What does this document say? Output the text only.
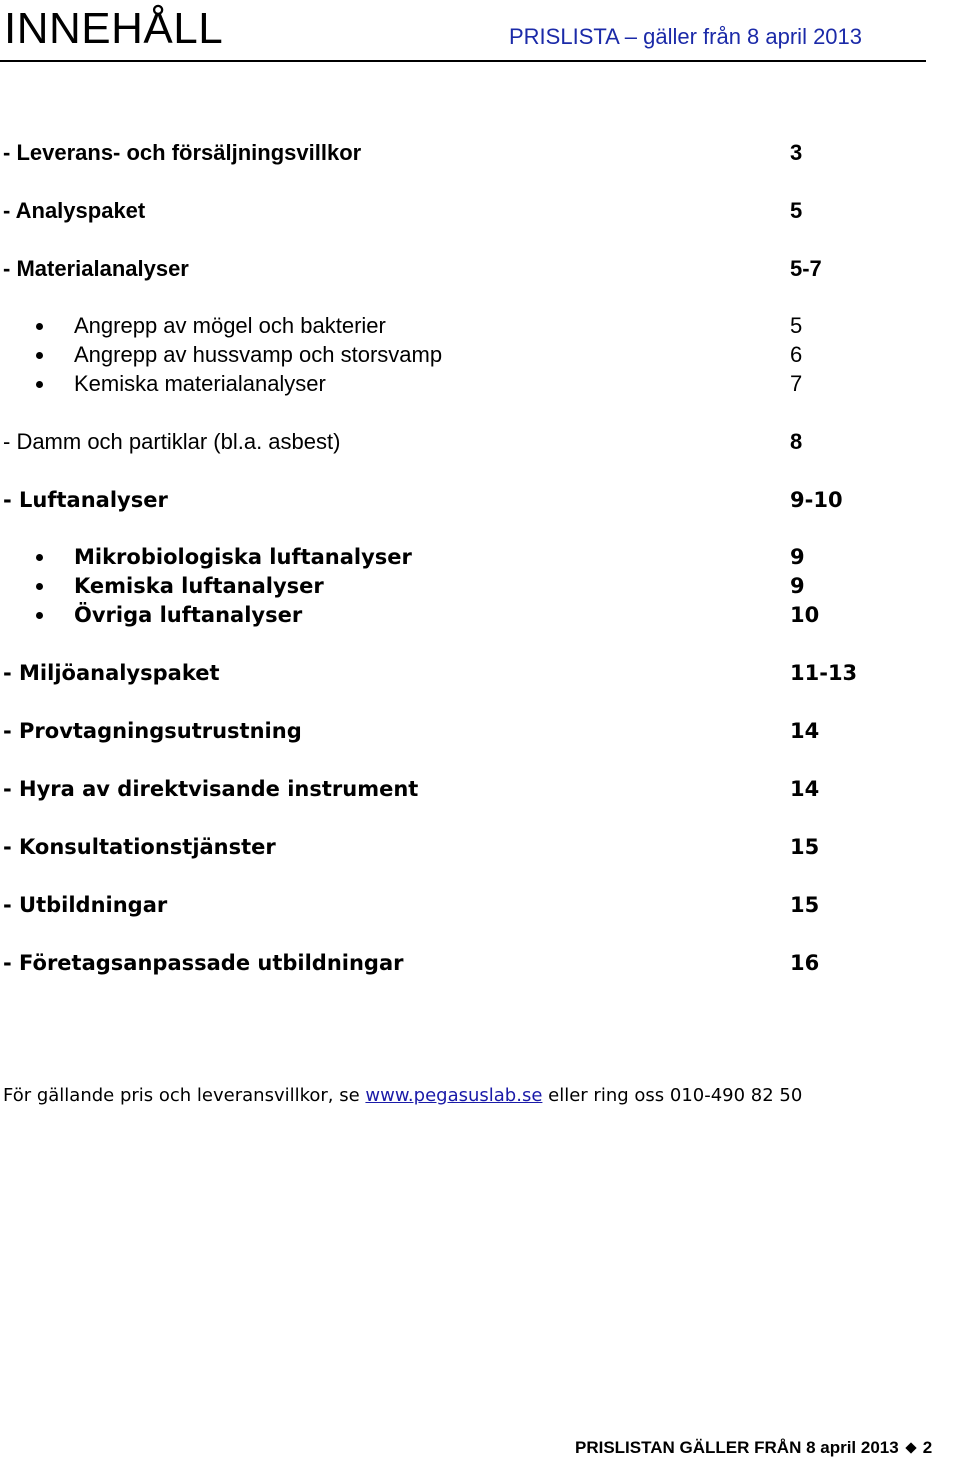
INNEHÅLL	PRISLISTA – gäller från 8 april 2013
- Leverans- och försäljningsvillkor	3
- Analyspaket	5
- Materialanalyser	5-7
Angrepp av mögel och bakterier	5
Angrepp av hussvamp och storsvamp	6
Kemiska materialanalyser	7
- Damm och partiklar (bl.a. asbest)	8
- Luftanalyser	9-10
Mikrobiologiska luftanalyser	9
Kemiska luftanalyser	9
Övriga luftanalyser	10
- Miljöanalyspaket	11-13
- Provtagningsutrustning	14
- Hyra av direktvisande instrument	14
- Konsultationstjänster	15
- Utbildningar	15
- Företagsanpassade utbildningar	16
För gällande pris och leveransvillkor, se www.pegasuslab.se eller ring oss 010-490 82 50
PRISLISTAN GÄLLER FRÅN 8 april 2013 2
